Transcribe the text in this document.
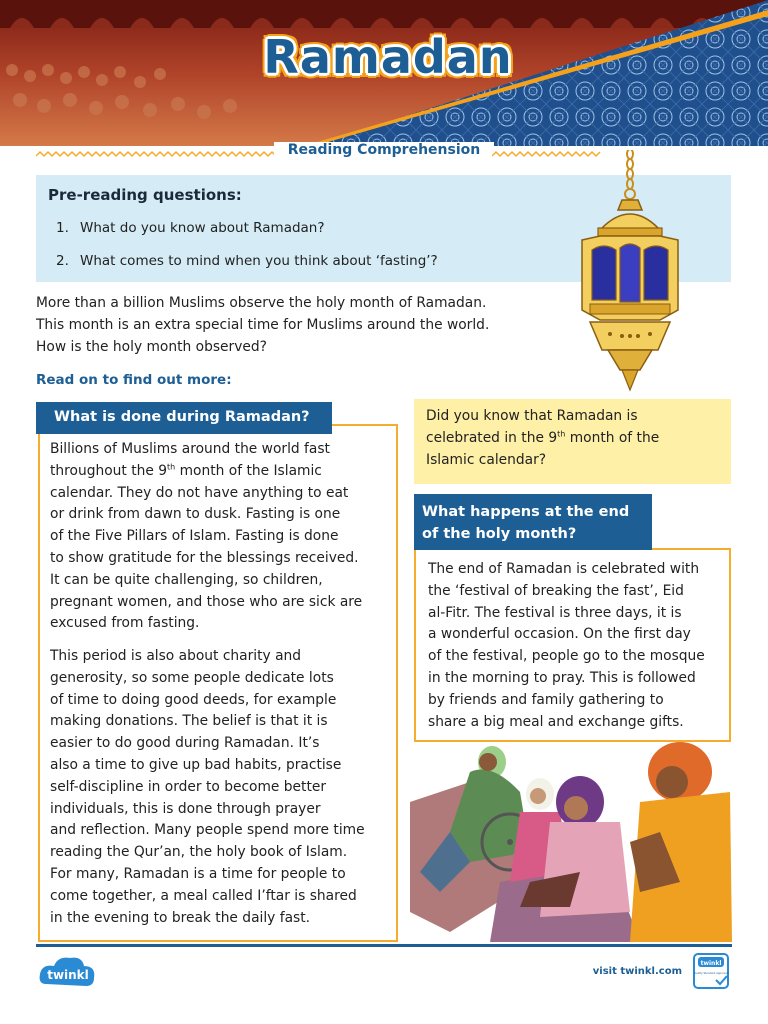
Ramadan
Reading Comprehension
Pre-reading questions:
1. What do you know about Ramadan?
2. What comes to mind when you think about ‘fasting’?
More than a billion Muslims observe the holy month of Ramadan.
This month is an extra special time for Muslims around the world.
How is the holy month observed?
Read on to find out more:
What is done during Ramadan?
Billions of Muslims around the world fast
throughout the 9th month of the Islamic
calendar. They do not have anything to eat
or drink from dawn to dusk. Fasting is one
of the Five Pillars of Islam. Fasting is done
to show gratitude for the blessings received.
It can be quite challenging, so children,
pregnant women, and those who are sick are
excused from fasting.
This period is also about charity and
generosity, so some people dedicate lots
of time to doing good deeds, for example
making donations. The belief is that it is
easier to do good during Ramadan. It’s
also a time to give up bad habits, practise
self-discipline in order to become better
individuals, this is done through prayer
and reflection. Many people spend more time
reading the Qur’an, the holy book of Islam.
For many, Ramadan is a time for people to
come together, a meal called I’ftar is shared
in the evening to break the daily fast.
Did you know that Ramadan is
celebrated in the 9th month of the
Islamic calendar?
What happens at the end
of the holy month?
The end of Ramadan is celebrated with
the ‘festival of breaking the fast’, Eid
al-Fitr. The festival is three days, it is
a wonderful occasion. On the first day
of the festival, people go to the mosque
in the morning to pray. This is followed
by friends and family gathering to
share a big meal and exchange gifts.
twinkl	visit twinkl.com
twinkl
Quality Standard Approved
